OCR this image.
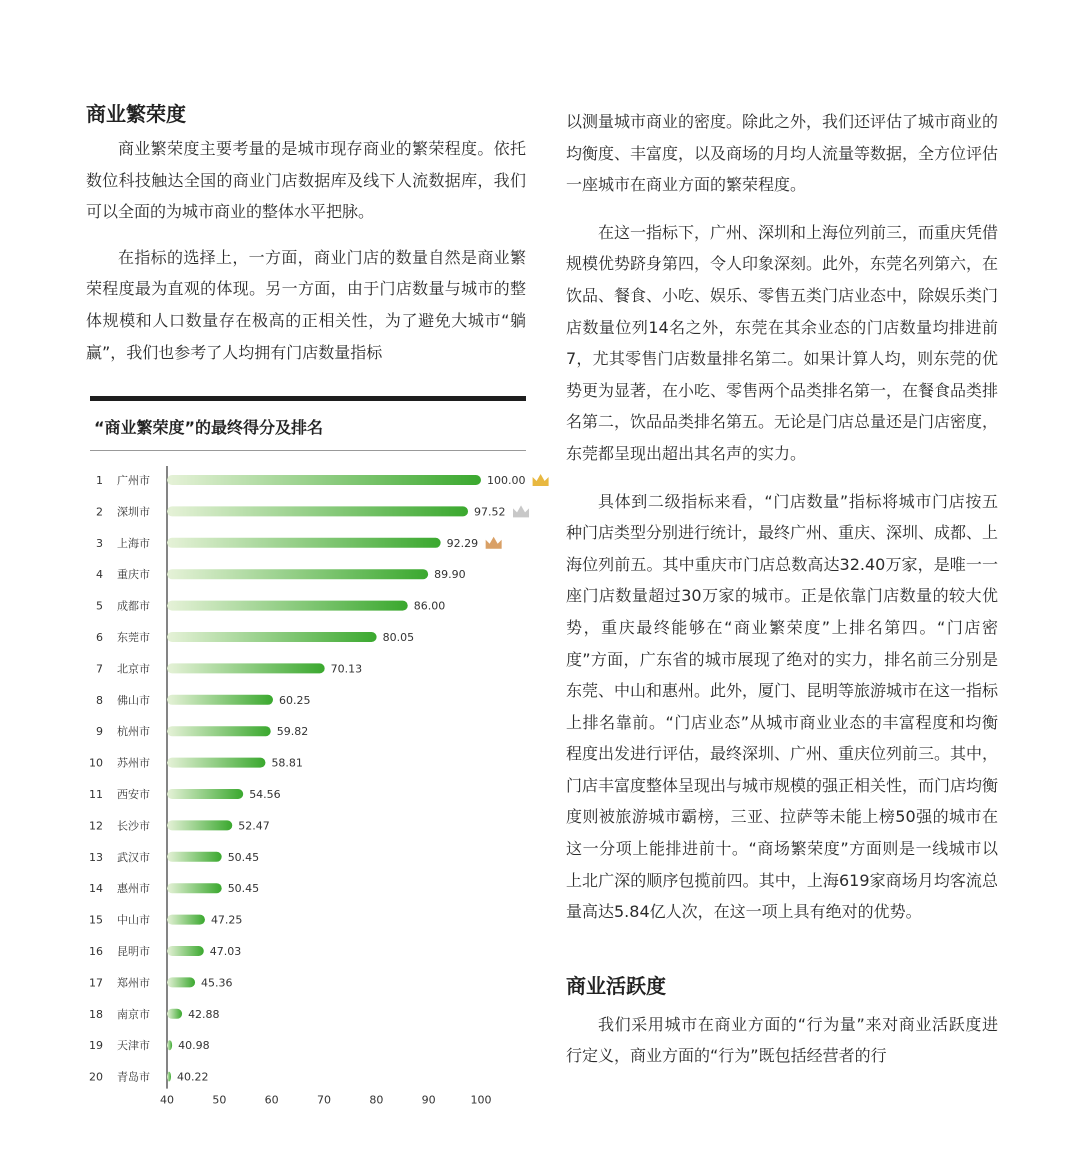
商业繁荣度

商业繁荣度主要考量的是城市现存商业的繁荣程度。依托数位科技触达全国的商业门店数据库及线下人流数据库，我们可以全面的为城市商业的整体水平把脉。

在指标的选择上，一方面，商业门店的数量自然是商业繁荣程度最为直观的体现。另一方面，由于门店数量与城市的整体规模和人口数量存在极高的正相关性，为了避免大城市“躺赢”，我们也参考了人均拥有门店数量指标

“商业繁荣度”的最终得分及排名
1 广州市	100.00
2 深圳市	97.52
3 上海市	92.29
4 重庆市	89.90
5 成都市	86.00
6 东莞市	80.05
7 北京市	70.13
8 佛山市	60.25
9 杭州市	59.82
10 苏州市	58.81
11 西安市	54.56
12 长沙市	52.47
13 武汉市	50.45
14 惠州市	50.45
15 中山市	47.25
16 昆明市	47.03
17 郑州市	45.36
18 南京市	42.88
19 天津市	40.98
20 青岛市 40.22
40	50	60	70	80	90	100

以测量城市商业的密度。除此之外，我们还评估了城市商业的均衡度、丰富度，以及商场的月均人流量等数据，全方位评估一座城市在商业方面的繁荣程度。

在这一指标下，广州、深圳和上海位列前三，而重庆凭借规模优势跻身第四，令人印象深刻。此外，东莞名列第六，在饮品、餐食、小吃、娱乐、零售五类门店业态中，除娱乐类门店数量位列14名之外，东莞在其余业态的门店数量均排进前7，尤其零售门店数量排名第二。如果计算人均，则东莞的优势更为显著，在小吃、零售两个品类排名第一，在餐食品类排名第二，饮品品类排名第五。无论是门店总量还是门店密度，东莞都呈现出超出其名声的实力。

具体到二级指标来看，“门店数量”指标将城市门店按五种门店类型分别进行统计，最终广州、重庆、深圳、成都、上海位列前五。其中重庆市门店总数高达32.40万家，是唯一一座门店数量超过30万家的城市。正是依靠门店数量的较大优势，重庆最终能够在“商业繁荣度”上排名第四。“门店密度”方面，广东省的城市展现了绝对的实力，排名前三分别是东莞、中山和惠州。此外，厦门、昆明等旅游城市在这一指标上排名靠前。“门店业态”从城市商业业态的丰富程度和均衡程度出发进行评估，最终深圳、广州、重庆位列前三。其中，门店丰富度整体呈现出与城市规模的强正相关性，而门店均衡度则被旅游城市霸榜，三亚、拉萨等未能上榜50强的城市在这一分项上能排进前十。“商场繁荣度”方面则是一线城市以上北广深的顺序包揽前四。其中，上海619家商场月均客流总量高达5.84亿人次，在这一项上具有绝对的优势。

商业活跃度

我们采用城市在商业方面的“行为量”来对商业活跃度进行定义，商业方面的“行为”既包括经营者的行
